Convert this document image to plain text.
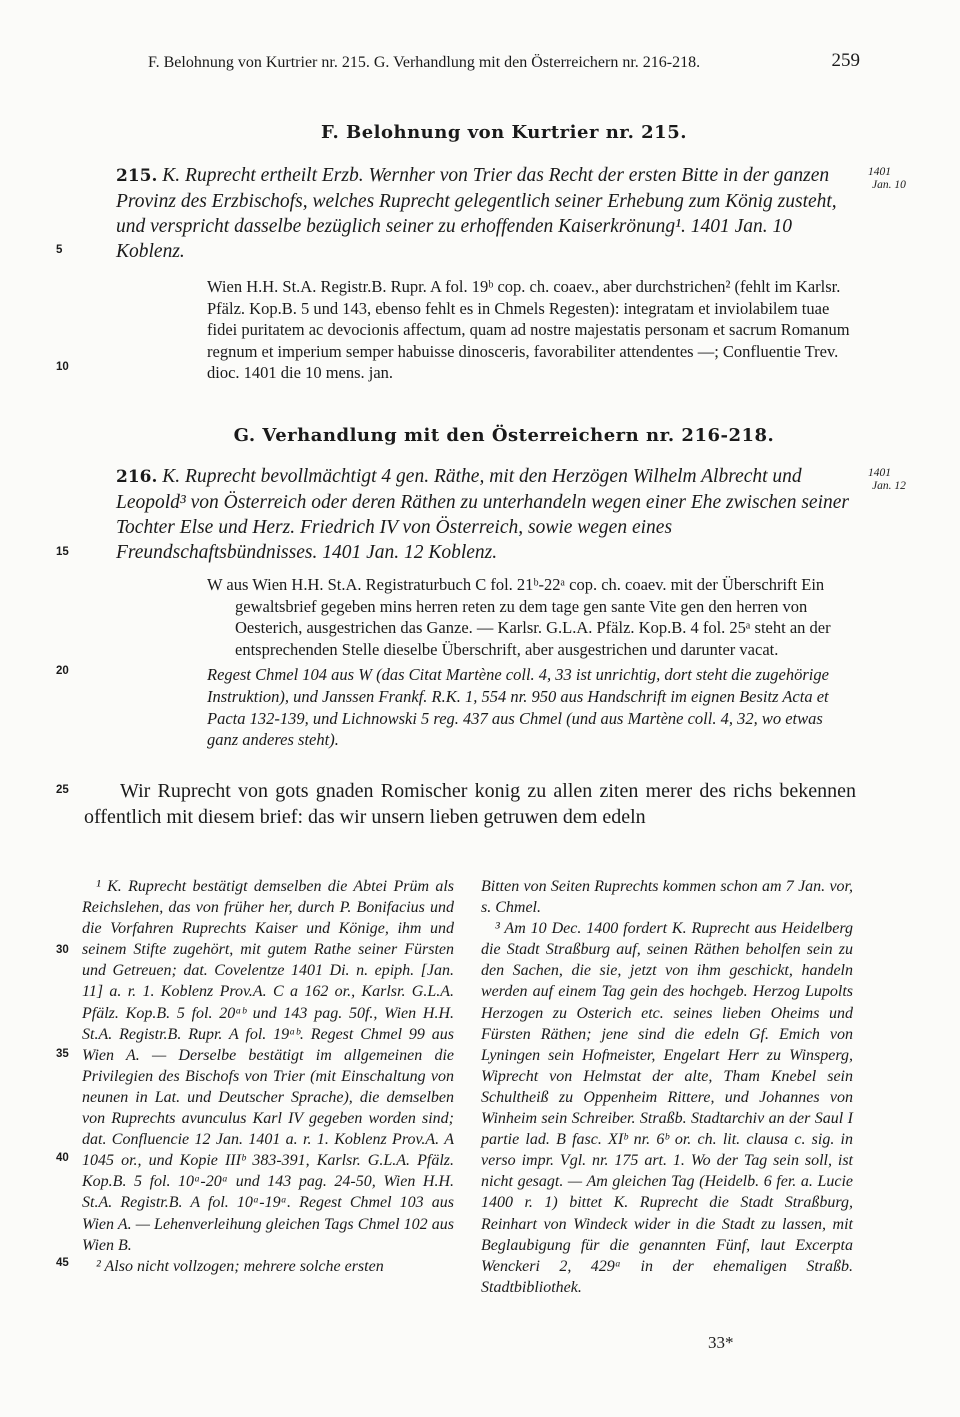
F. Belohnung von Kurtrier nr. 215. G. Verhandlung mit den Österreichern nr. 216-218.	259
F. Belohnung von Kurtrier nr. 215.

215. K. Ruprecht ertheilt Erzb. Wernher von Trier das Recht der ersten Bitte in der ganzen Provinz des Erzbischofs, welches Ruprecht gelegentlich seiner Erhebung zum König zusteht, und verspricht dasselbe bezüglich seiner zu erhoffenden Kaiserkrönung¹. 1401 Jan. 10 Koblenz.

1401
Jan. 10

Wien H.H. St.A. Registr.B. Rupr. A fol. 19ᵇ cop. ch. coaev., aber durchstrichen² (fehlt im Karlsr. Pfälz. Kop.B. 5 und 143, ebenso fehlt es in Chmels Regesten): integratam et inviolabilem tuae fidei puritatem ac devocionis affectum, quam ad nostre majestatis personam et sacrum Romanum regnum et imperium semper habuisse dinosceris, favorabiliter attendentes —; Confluentie Trev. dioc. 1401 die 10 mens. jan.

G. Verhandlung mit den Österreichern nr. 216-218.

216. K. Ruprecht bevollmächtigt 4 gen. Räthe, mit den Herzögen Wilhelm Albrecht und Leopold³ von Österreich oder deren Räthen zu unterhandeln wegen einer Ehe zwischen seiner Tochter Else und Herz. Friedrich IV von Österreich, sowie wegen eines Freundschaftsbündnisses. 1401 Jan. 12 Koblenz.

1401
Jan. 12

W aus Wien H.H. St.A. Registraturbuch C fol. 21ᵇ-22ᵃ cop. ch. coaev. mit der Überschrift Ein gewaltsbrief gegeben mins herren reten zu dem tage gen sante Vite gen den herren von Oesterich, ausgestrichen das Ganze. — Karlsr. G.L.A. Pfälz. Kop.B. 4 fol. 25ᵃ steht an der entsprechenden Stelle dieselbe Überschrift, aber ausgestrichen und darunter vacat.

Regest Chmel 104 aus W (das Citat Martène coll. 4, 33 ist unrichtig, dort steht die zugehörige Instruktion), und Janssen Frankf. R.K. 1, 554 nr. 950 aus Handschrift im eignen Besitz Acta et Pacta 132-139, und Lichnowski 5 reg. 437 aus Chmel (und aus Martène coll. 4, 32, wo etwas ganz anderes steht).

Wir Ruprecht von gots gnaden Romischer konig zu allen ziten merer des richs bekennen offentlich mit diesem brief: das wir unsern lieben getruwen dem edeln

5
10
15
20
25
30
35
40
45

¹ K. Ruprecht bestätigt demselben die Abtei Prüm als Reichslehen, das von früher her, durch P. Bonifacius und die Vorfahren Ruprechts Kaiser und Könige, ihm und seinem Stifte zugehört, mit gutem Rathe seiner Fürsten und Getreuen; dat. Covelentze 1401 Di. n. epiph. [Jan. 11] a. r. 1. Koblenz Prov.A. C a 162 or., Karlsr. G.L.A. Pfälz. Kop.B. 5 fol. 20ᵃᵇ und 143 pag. 50f., Wien H.H. St.A. Registr.B. Rupr. A fol. 19ᵃᵇ. Regest Chmel 99 aus Wien A. — Derselbe bestätigt im allgemeinen die Privilegien des Bischofs von Trier (mit Einschaltung von neunen in Lat. und Deutscher Sprache), die demselben von Ruprechts avunculus Karl IV gegeben worden sind; dat. Confluencie 12 Jan. 1401 a. r. 1. Koblenz Prov.A. A 1045 or., und Kopie IIIᵇ 383-391, Karlsr. G.L.A. Pfälz. Kop.B. 5 fol. 10ᵃ-20ᵃ und 143 pag. 24-50, Wien H.H. St.A. Registr.B. A fol. 10ᵃ-19ᵃ. Regest Chmel 103 aus Wien A. — Lehenverleihung gleichen Tags Chmel 102 aus Wien B.

² Also nicht vollzogen; mehrere solche ersten

Bitten von Seiten Ruprechts kommen schon am 7 Jan. vor, s. Chmel.

³ Am 10 Dec. 1400 fordert K. Ruprecht aus Heidelberg die Stadt Straßburg auf, seinen Räthen beholfen sein zu den Sachen, die sie, jetzt von ihm geschickt, handeln werden auf einem Tag gein des hochgeb. Herzog Lupolts Herzogen zu Osterich etc. seines lieben Oheims und Fürsten Räthen; jene sind die edeln Gf. Emich von Lyningen sein Hofmeister, Engelart Herr zu Winsperg, Wiprecht von Helmstat der alte, Tham Knebel sein Schultheiß zu Oppenheim Rittere, und Johannes von Winheim sein Schreiber. Straßb. Stadtarchiv an der Saul I partie lad. B fasc. XIᵇ nr. 6ᵇ or. ch. lit. clausa c. sig. in verso impr. Vgl. nr. 175 art. 1. Wo der Tag sein soll, ist nicht gesagt. — Am gleichen Tag (Heidelb. 6 fer. a. Lucie 1400 r. 1) bittet K. Ruprecht die Stadt Straßburg, Reinhart von Windeck wider in die Stadt zu lassen, mit Beglaubigung für die genannten Fünf, laut Excerpta Wenckeri 2, 429ᵃ in der ehemaligen Straßb. Stadtbibliothek.

33*
